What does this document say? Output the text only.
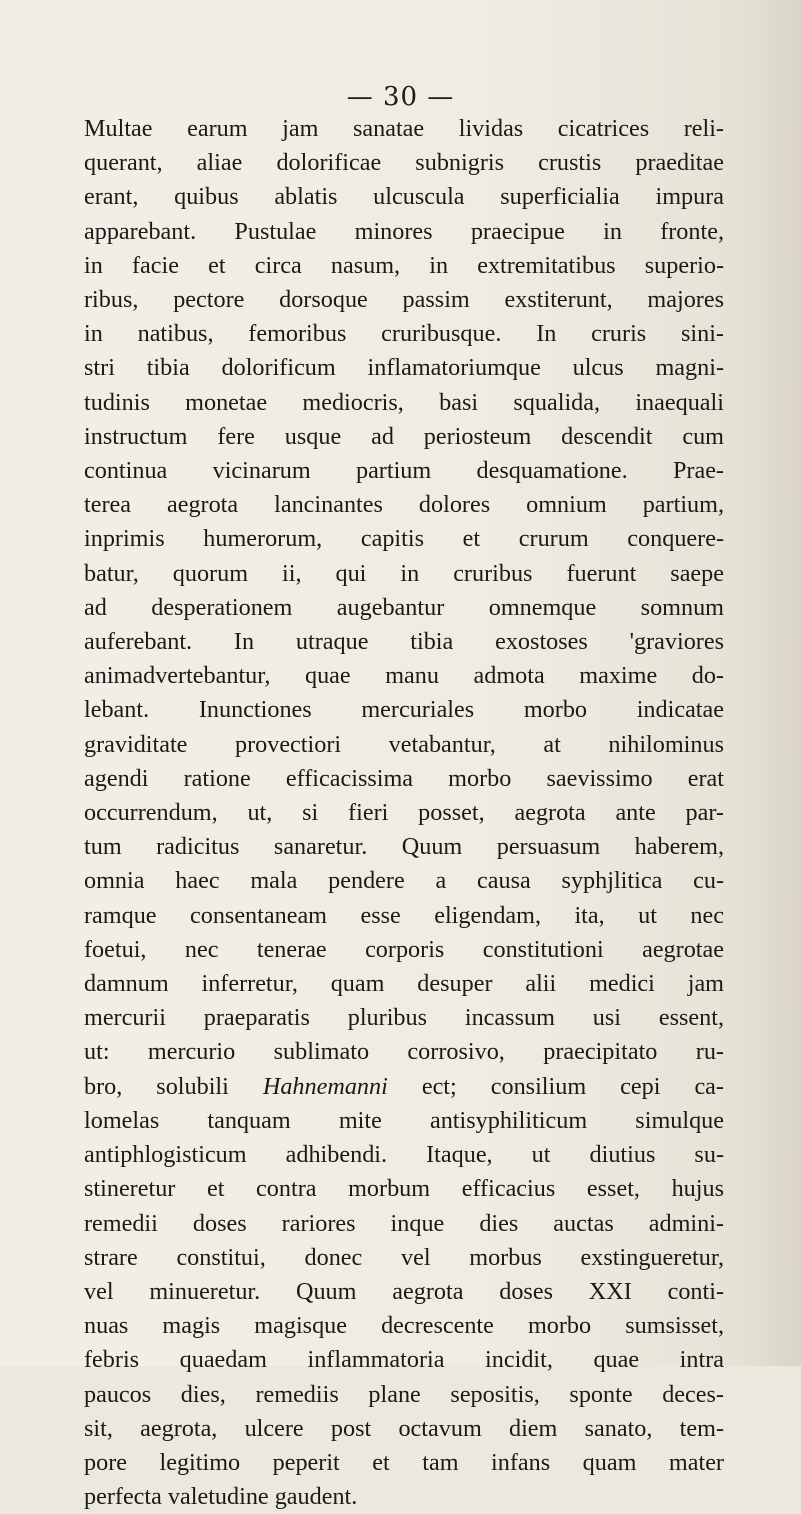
— 30 —
Multae earum jam sanatae lividas cicatrices reli-
querant, aliae dolorificae subnigris crustis praeditae
erant, quibus ablatis ulcuscula superficialia impura
apparebant. Pustulae minores praecipue in fronte,
in facie et circa nasum, in extremitatibus superio-
ribus, pectore dorsoque passim exstiterunt, majores
in natibus, femoribus cruribusque. In cruris sini-
stri tibia dolorificum inflamatoriumque ulcus magni-
tudinis monetae mediocris, basi squalida, inaequali
instructum fere usque ad periosteum descendit cum
continua vicinarum partium desquamatione. Prae-
terea aegrota lancinantes dolores omnium partium,
inprimis humerorum, capitis et crurum conquere-
batur, quorum ii, qui in cruribus fuerunt saepe
ad desperationem augebantur omnemque somnum
auferebant. In utraque tibia exostoses 'graviores
animadvertebantur, quae manu admota maxime do-
lebant. Inunctiones mercuriales morbo indicatae
graviditate provectiori vetabantur, at nihilominus
agendi ratione efficacissima morbo saevissimo erat
occurrendum, ut, si fieri posset, aegrota ante par-
tum radicitus sanaretur. Quum persuasum haberem,
omnia haec mala pendere a causa syphjlitica cu-
ramque consentaneam esse eligendam, ita, ut nec
foetui, nec tenerae corporis constitutioni aegrotae
damnum inferretur, quam desuper alii medici jam
mercurii praeparatis pluribus incassum usi essent,
ut: mercurio sublimato corrosivo, praecipitato ru-
bro, solubili Hahnemanni ect; consilium cepi ca-
lomelas tanquam mite antisyphiliticum simulque
antiphlogisticum adhibendi. Itaque, ut diutius su-
stineretur et contra morbum efficacius esset, hujus
remedii doses rariores inque dies auctas admini-
strare constitui, donec vel morbus exstingueretur,
vel minueretur. Quum aegrota doses XXI conti-
nuas magis magisque decrescente morbo sumsisset,
febris quaedam inflammatoria incidit, quae intra
paucos dies, remediis plane sepositis, sponte deces-
sit, aegrota, ulcere post octavum diem sanato, tem-
pore legitimo peperit et tam infans quam mater
perfecta valetudine gaudent.
